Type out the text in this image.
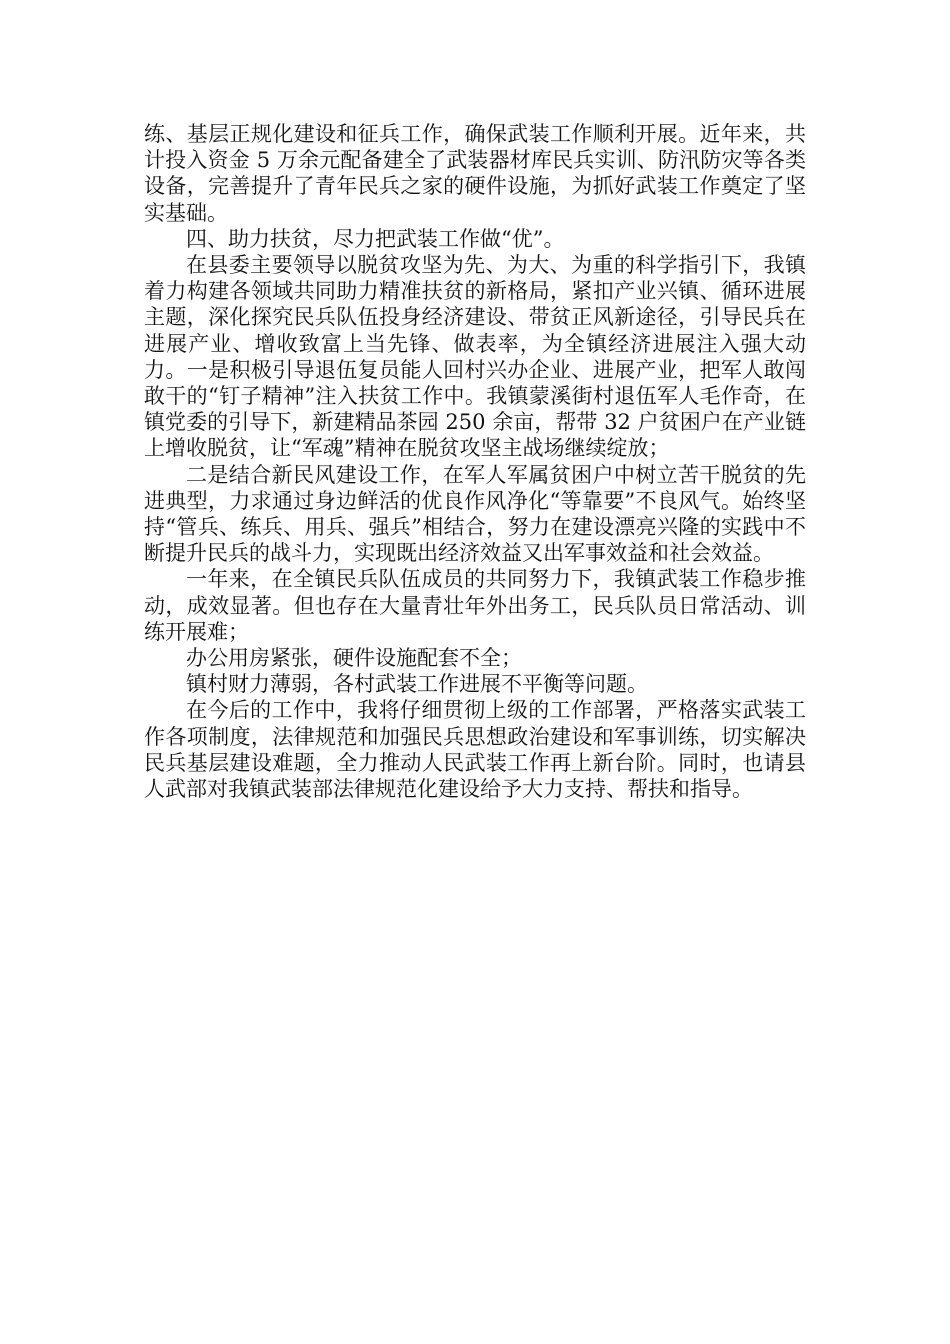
练、基层正规化建设和征兵工作，确保武装工作顺利开展。近年来，共计投入资金 5 万余元配备建全了武装器材库民兵实训、防汛防灾等各类设备，完善提升了青年民兵之家的硬件设施，为抓好武装工作奠定了坚实基础。

四、助力扶贫，尽力把武装工作做“优”。

在县委主要领导以脱贫攻坚为先、为大、为重的科学指引下，我镇着力构建各领域共同助力精准扶贫的新格局，紧扣产业兴镇、循环进展主题，深化探究民兵队伍投身经济建设、带贫正风新途径，引导民兵在进展产业、增收致富上当先锋、做表率，为全镇经济进展注入强大动力。一是积极引导退伍复员能人回村兴办企业、进展产业，把军人敢闯敢干的“钉子精神”注入扶贫工作中。我镇蒙溪街村退伍军人毛作奇，在镇党委的引导下，新建精品茶园 250 余亩，帮带 32 户贫困户在产业链上增收脱贫，让“军魂”精神在脱贫攻坚主战场继续绽放；

二是结合新民风建设工作，在军人军属贫困户中树立苦干脱贫的先进典型，力求通过身边鲜活的优良作风净化“等靠要”不良风气。始终坚持“管兵、练兵、用兵、强兵”相结合，努力在建设漂亮兴隆的实践中不断提升民兵的战斗力，实现既出经济效益又出军事效益和社会效益。

一年来，在全镇民兵队伍成员的共同努力下，我镇武装工作稳步推动，成效显著。但也存在大量青壮年外出务工，民兵队员日常活动、训练开展难；

办公用房紧张，硬件设施配套不全；

镇村财力薄弱，各村武装工作进展不平衡等问题。

在今后的工作中，我将仔细贯彻上级的工作部署，严格落实武装工作各项制度，法律规范和加强民兵思想政治建设和军事训练，切实解决民兵基层建设难题，全力推动人民武装工作再上新台阶。同时，也请县人武部对我镇武装部法律规范化建设给予大力支持、帮扶和指导。
